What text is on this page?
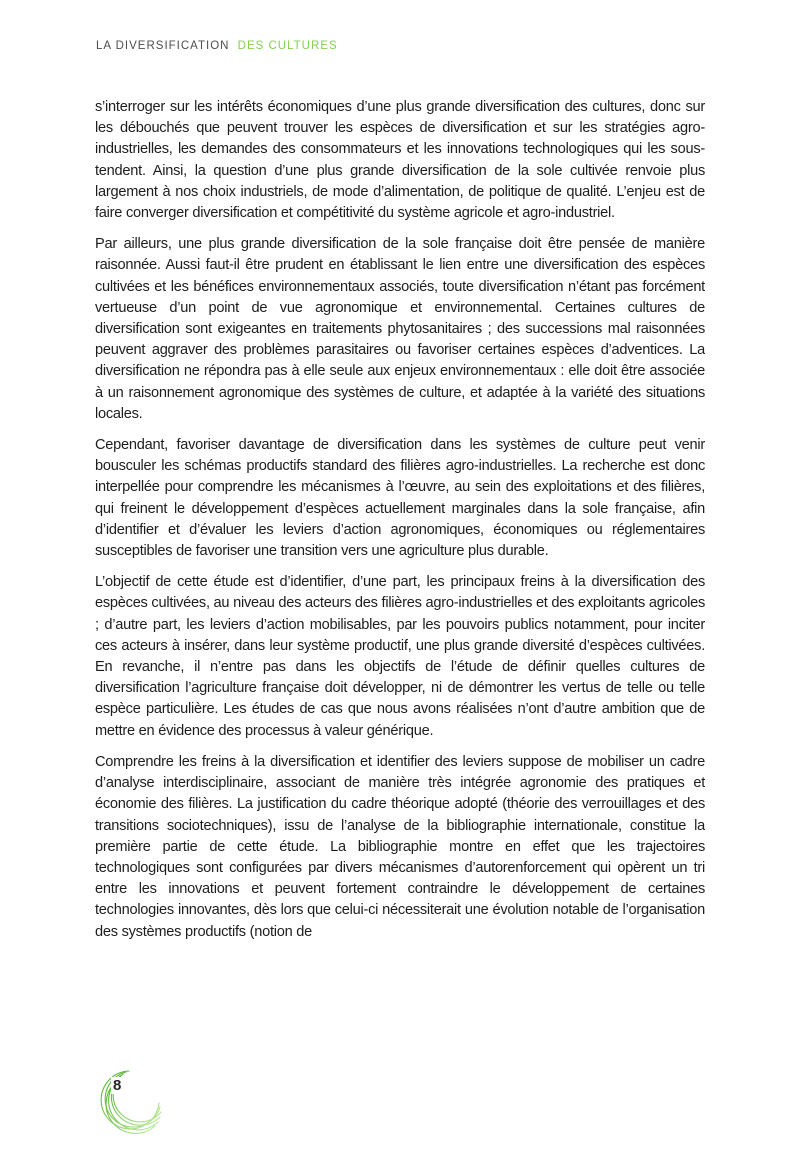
LA DIVERSIFICATION DES CULTURES

s’interroger sur les intérêts économiques d’une plus grande diversification des cultures, donc sur les débouchés que peuvent trouver les espèces de diversification et sur les stratégies agro-industrielles, les demandes des consommateurs et les innovations technologiques qui les sous-tendent. Ainsi, la question d’une plus grande diversification de la sole cultivée renvoie plus largement à nos choix industriels, de mode d’alimentation, de politique de qualité. L’enjeu est de faire converger diversification et compétitivité du système agricole et agro-industriel.

Par ailleurs, une plus grande diversification de la sole française doit être pensée de manière raisonnée. Aussi faut-il être prudent en établissant le lien entre une diversification des espèces cultivées et les bénéfices environnementaux associés, toute diversification n’étant pas forcément vertueuse d’un point de vue agronomique et environnemental. Certaines cultures de diversification sont exigeantes en traitements phytosanitaires ; des successions mal raisonnées peuvent aggraver des problèmes parasitaires ou favoriser certaines espèces d’adventices. La diversification ne répondra pas à elle seule aux enjeux environnementaux : elle doit être associée à un raisonnement agronomique des systèmes de culture, et adaptée à la variété des situations locales.

Cependant, favoriser davantage de diversification dans les systèmes de culture peut venir bousculer les schémas productifs standard des filières agro-industrielles. La recherche est donc interpellée pour comprendre les mécanismes à l’œuvre, au sein des exploitations et des filières, qui freinent le développement d’espèces actuellement marginales dans la sole française, afin d’identifier et d’évaluer les leviers d’action agronomiques, économiques ou réglementaires susceptibles de favoriser une transition vers une agriculture plus durable.

L’objectif de cette étude est d’identifier, d’une part, les principaux freins à la diversification des espèces cultivées, au niveau des acteurs des filières agro-industrielles et des exploitants agricoles ; d’autre part, les leviers d’action mobilisables, par les pouvoirs publics notamment, pour inciter ces acteurs à insérer, dans leur système productif, une plus grande diversité d’espèces cultivées. En revanche, il n’entre pas dans les objectifs de l’étude de définir quelles cultures de diversification l’agriculture française doit développer, ni de démontrer les vertus de telle ou telle espèce particulière. Les études de cas que nous avons réalisées n’ont d’autre ambition que de mettre en évidence des processus à valeur générique.

Comprendre les freins à la diversification et identifier des leviers suppose de mobiliser un cadre d’analyse interdisciplinaire, associant de manière très intégrée agronomie des pratiques et économie des filières. La justification du cadre théorique adopté (théorie des verrouillages et des transitions sociotechniques), issu de l’analyse de la bibliographie internationale, constitue la première partie de cette étude. La bibliographie montre en effet que les trajectoires technologiques sont configurées par divers mécanismes d’autorenforcement qui opèrent un tri entre les innovations et peuvent fortement contraindre le développement de certaines technologies innovantes, dès lors que celui-ci nécessiterait une évolution notable de l’organisation des systèmes productifs (notion de

8
